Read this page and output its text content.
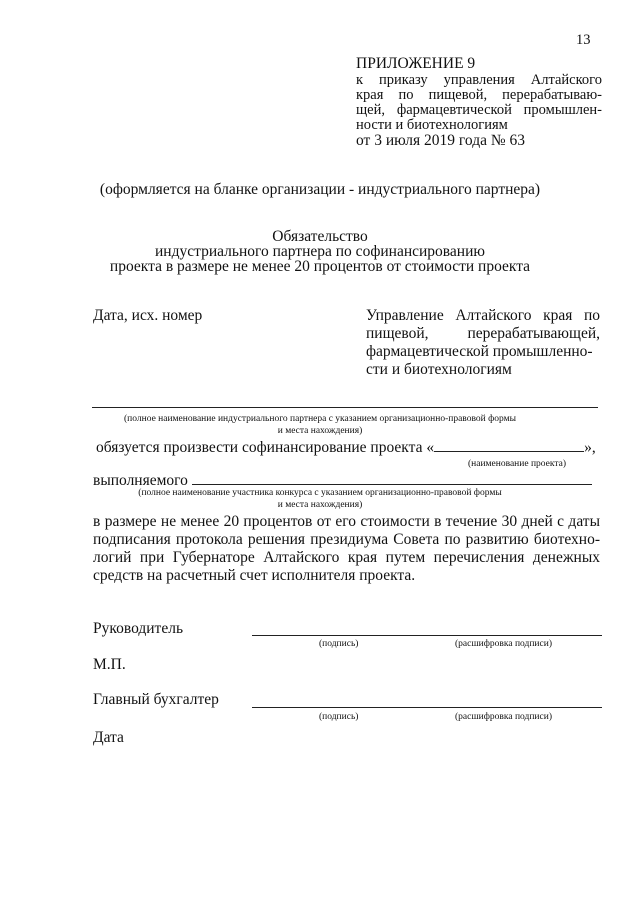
13
ПРИЛОЖЕНИЕ 9
к приказу управления Алтайского
края по пищевой, перерабатываю-
щей, фармацевтической промышлен-
ности и биотехнологиям
от 3 июля 2019 года № 63
(оформляется на бланке организации - индустриального партнера)
Обязательство
индустриального партнера по софинансированию
проекта в размере не менее 20 процентов от стоимости проекта
Дата, исх. номер	Управление Алтайского края по
пищевой, перерабатывающей,
фармацевтической промышленно-
сти и биотехнологиям
(полное наименование индустриального партнера с указанием организационно-правовой формы
и места нахождения)
обязуется произвести софинансирование проекта «	»,
(наименование проекта)
выполняемого
(полное наименование участника конкурса с указанием организационно-правовой формы
и места нахождения)
в размере не менее 20 процентов от его стоимости в течение 30 дней с даты
подписания протокола решения президиума Совета по развитию биотехно-
логий при Губернаторе Алтайского края путем перечисления денежных
средств на расчетный счет исполнителя проекта.
Руководитель
(подпись)	(расшифровка подписи)
М.П.
Главный бухгалтер
(подпись)	(расшифровка подписи)
Дата
